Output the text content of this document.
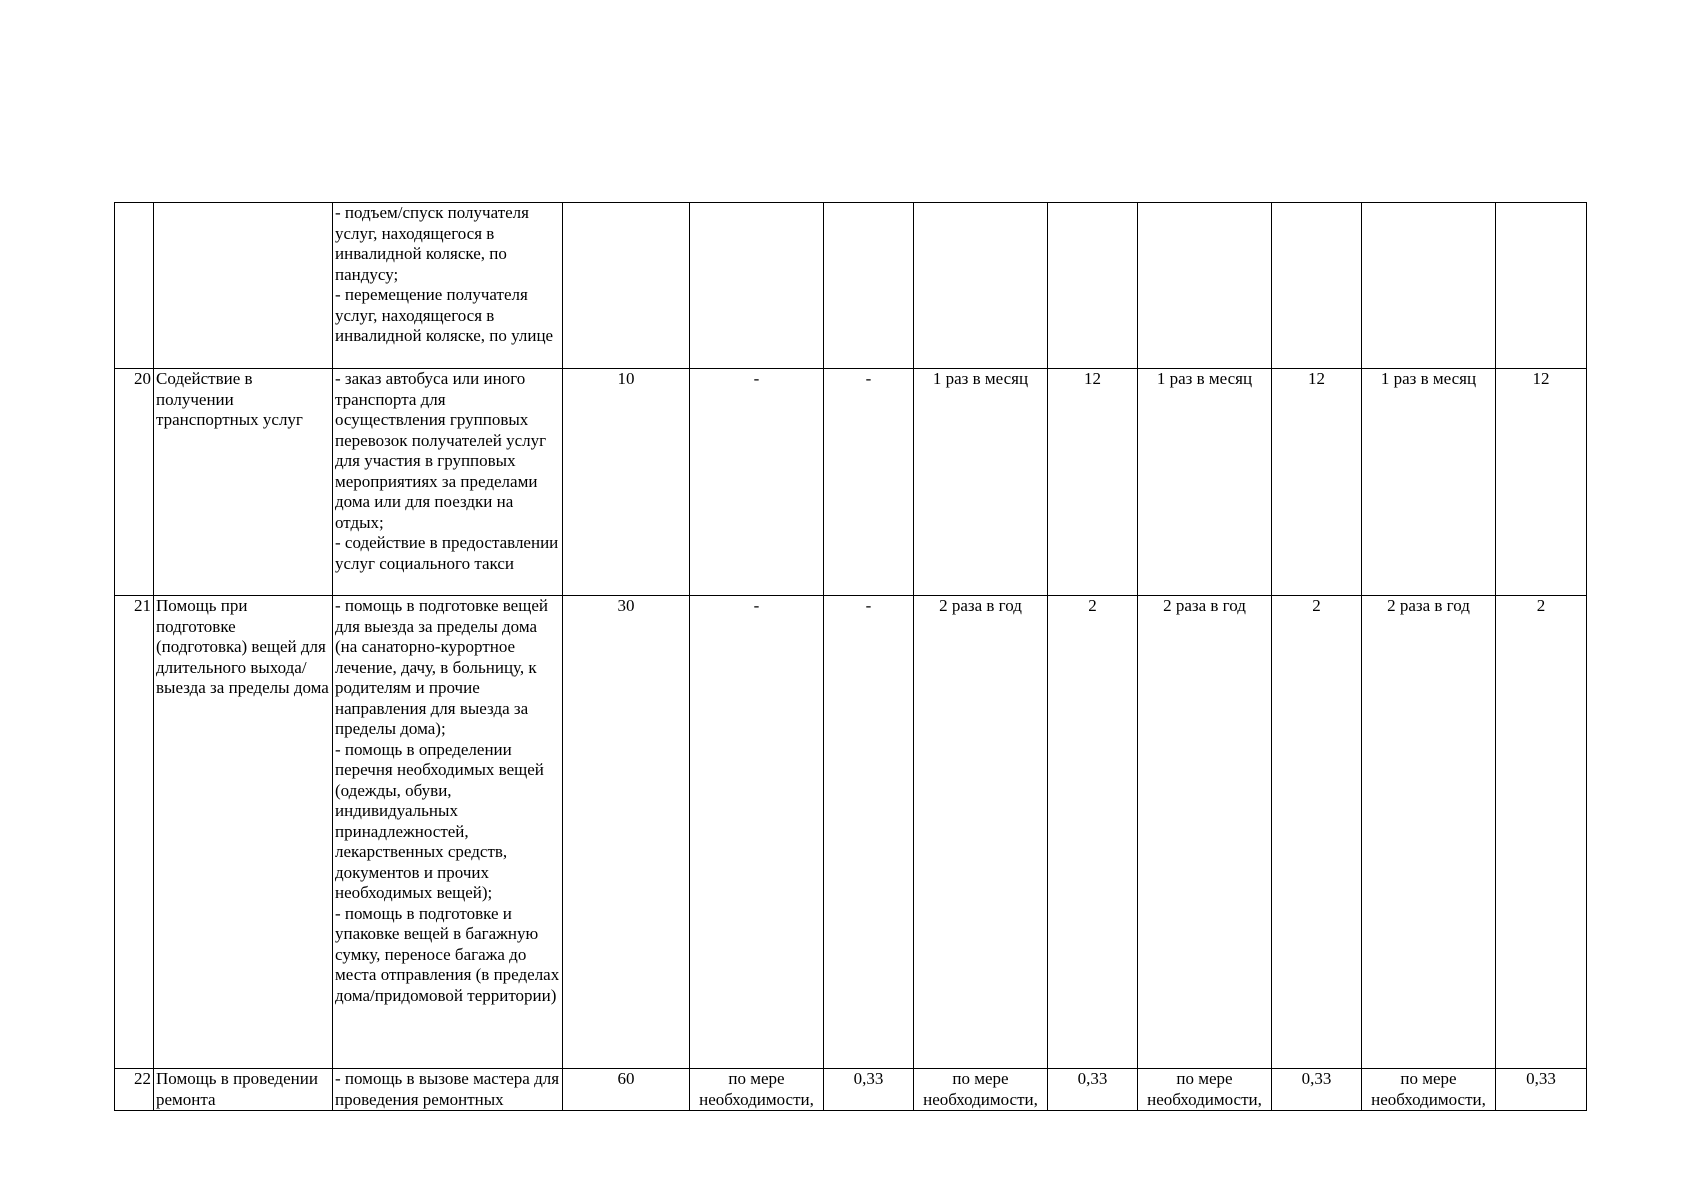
		- подъем/спуск получателя услуг, находящегося в инвалидной коляске, по пандусу;
- перемещение получателя услуг, находящегося в инвалидной коляске, по улице									

20	Содействие в получении транспортных услуг	- заказ автобуса или иного транспорта для осуществления групповых перевозок получателей услуг для участия в групповых мероприятиях за пределами дома или для поездки на отдых;
- содействие в предоставлении услуг социального такси	10	-	-	1 раз в месяц	12	1 раз в месяц	12	1 раз в месяц	12
21	Помощь при подготовке (подготовка) вещей для длительного выхода/выезда за пределы дома	- помощь в подготовке вещей для выезда за пределы дома (на санаторно-курортное лечение, дачу, в больницу, к родителям и прочие направления для выезда за пределы дома);
- помощь в определении перечня необходимых вещей (одежды, обуви, индивидуальных принадлежностей, лекарственных средств, документов и прочих необходимых вещей);
- помощь в подготовке и упаковке вещей в багажную сумку, переносе багажа до места отправления (в пределах дома/придомовой территории)	30	-	-	2 раза в год	2	2 раза в год	2	2 раза в год	2
22	Помощь в проведении ремонта	- помощь в вызове мастера для проведения ремонтных	60	по мере необходимости,	0,33	по мере необходимости,	0,33	по мере необходимости,	0,33	по мере необходимости,	0,33
